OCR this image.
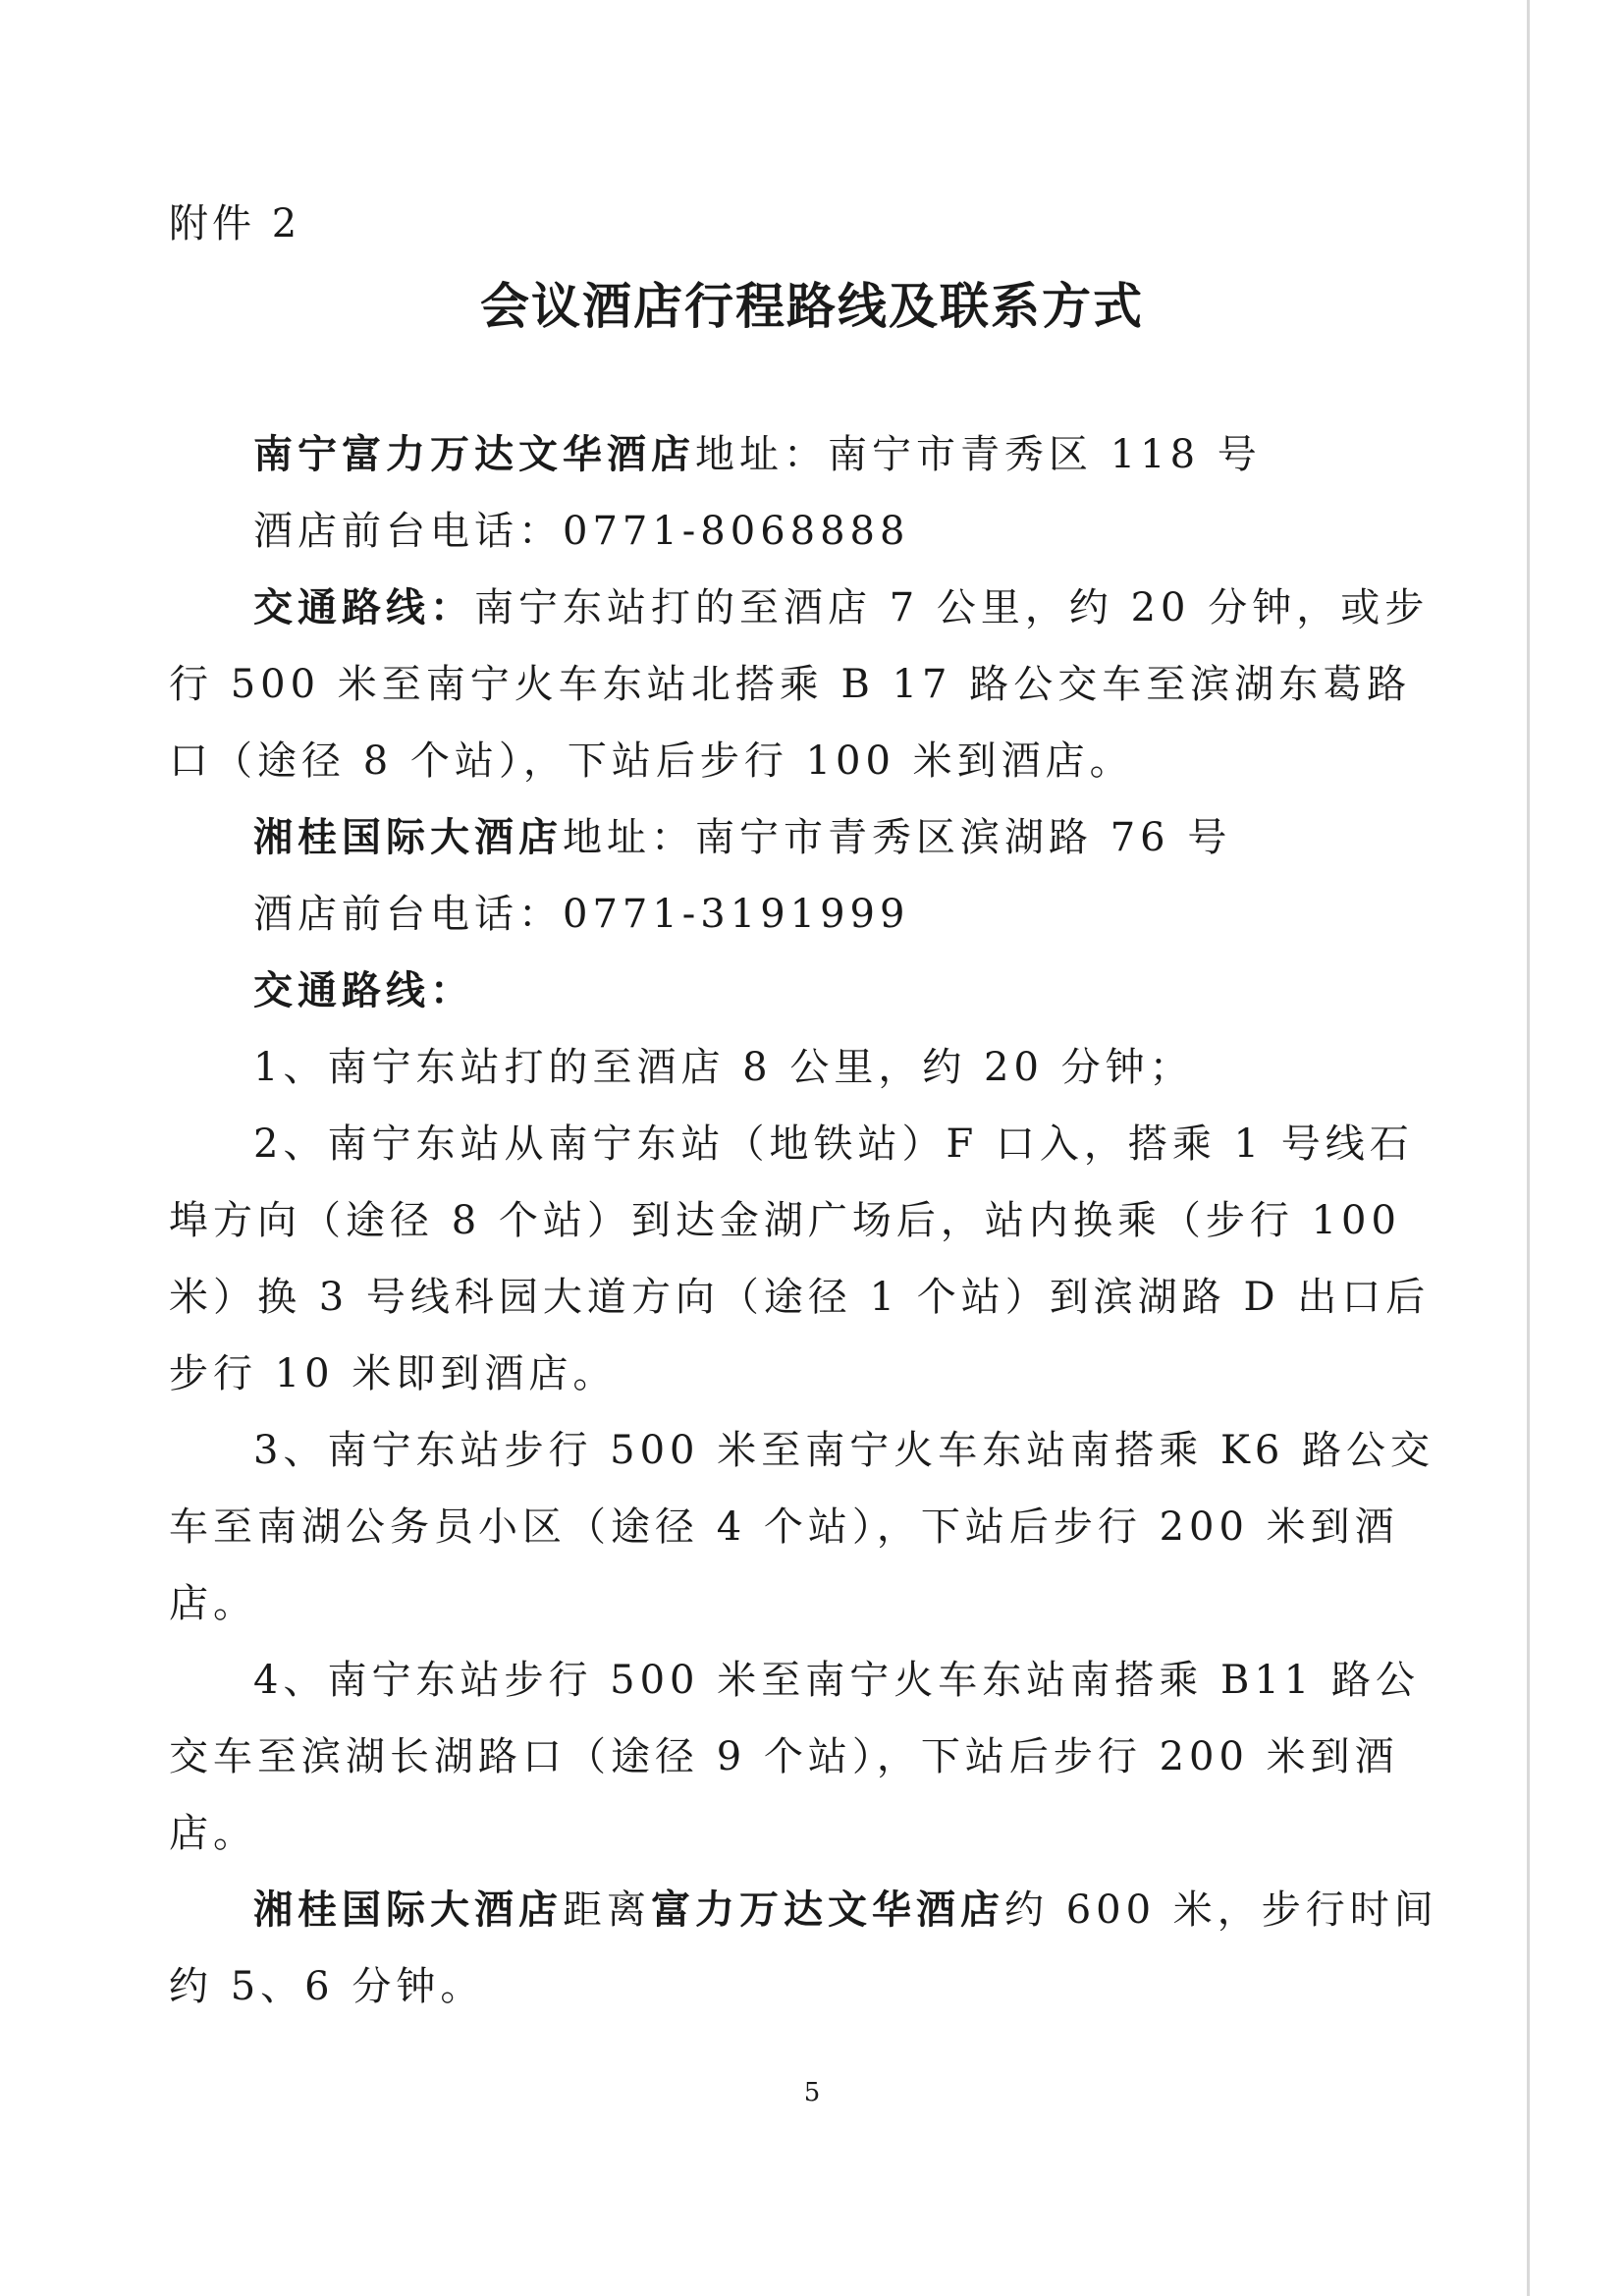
附件 2
会议酒店行程路线及联系方式

南宁富力万达文华酒店地址：南宁市青秀区 118 号

酒店前台电话：0771-8068888

交通路线：南宁东站打的至酒店 7 公里，约 20 分钟，或步行 500 米至南宁火车东站北搭乘 B 17 路公交车至滨湖东葛路口（途径 8 个站），下站后步行 100 米到酒店。

湘桂国际大酒店地址：南宁市青秀区滨湖路 76 号

酒店前台电话：0771-3191999

交通路线：

1、南宁东站打的至酒店 8 公里，约 20 分钟；

2、南宁东站从南宁东站（地铁站）F 口入，搭乘 1 号线石埠方向（途径 8 个站）到达金湖广场后，站内换乘（步行 100 米）换 3 号线科园大道方向（途径 1 个站）到滨湖路 D 出口后步行 10 米即到酒店。

3、南宁东站步行 500 米至南宁火车东站南搭乘 K6 路公交车至南湖公务员小区（途径 4 个站），下站后步行 200 米到酒店。

4、南宁东站步行 500 米至南宁火车东站南搭乘 B11 路公交车至滨湖长湖路口（途径 9 个站），下站后步行 200 米到酒店。

湘桂国际大酒店距离富力万达文华酒店约 600 米，步行时间约 5、6 分钟。

5
